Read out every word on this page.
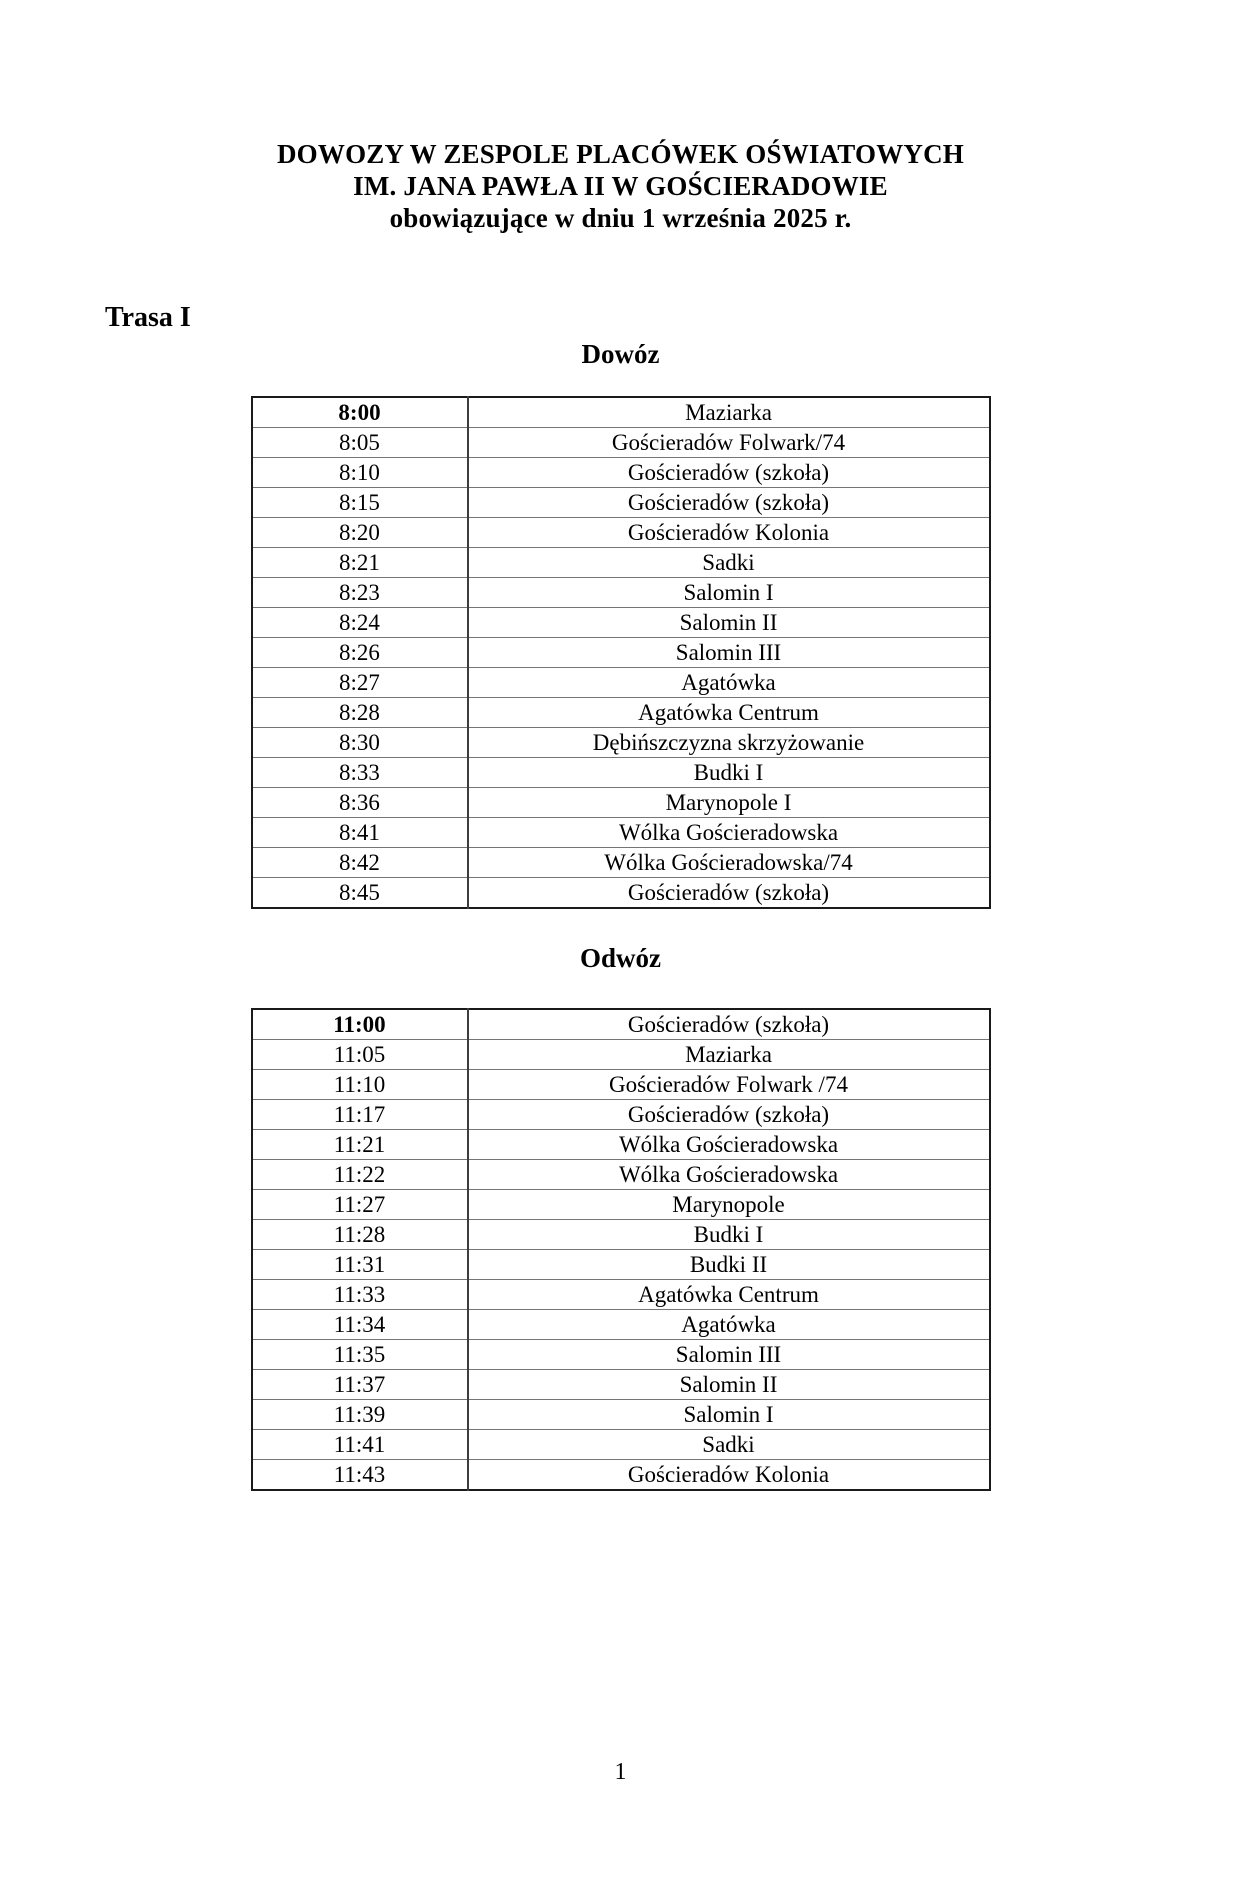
DOWOZY W ZESPOLE PLACÓWEK OŚWIATOWYCH
IM. JANA PAWŁA II W GOŚCIERADOWIE
obowiązujące w dniu 1 września 2025 r.
Trasa I
Dowóz
8:00	Maziarka
8:05	Gościeradów Folwark/74
8:10	Gościeradów (szkoła)
8:15	Gościeradów (szkoła)
8:20	Gościeradów Kolonia
8:21	Sadki
8:23	Salomin I
8:24	Salomin II
8:26	Salomin III
8:27	Agatówka
8:28	Agatówka Centrum
8:30	Dębińszczyzna skrzyżowanie
8:33	Budki I
8:36	Marynopole I
8:41	Wólka Gościeradowska
8:42	Wólka Gościeradowska/74
8:45	Gościeradów (szkoła)
Odwóz
11:00	Gościeradów (szkoła)
11:05	Maziarka
11:10	Gościeradów Folwark /74
11:17	Gościeradów (szkoła)
11:21	Wólka Gościeradowska
11:22	Wólka Gościeradowska
11:27	Marynopole
11:28	Budki I
11:31	Budki II
11:33	Agatówka Centrum
11:34	Agatówka
11:35	Salomin III
11:37	Salomin II
11:39	Salomin I
11:41	Sadki
11:43	Gościeradów Kolonia
1
